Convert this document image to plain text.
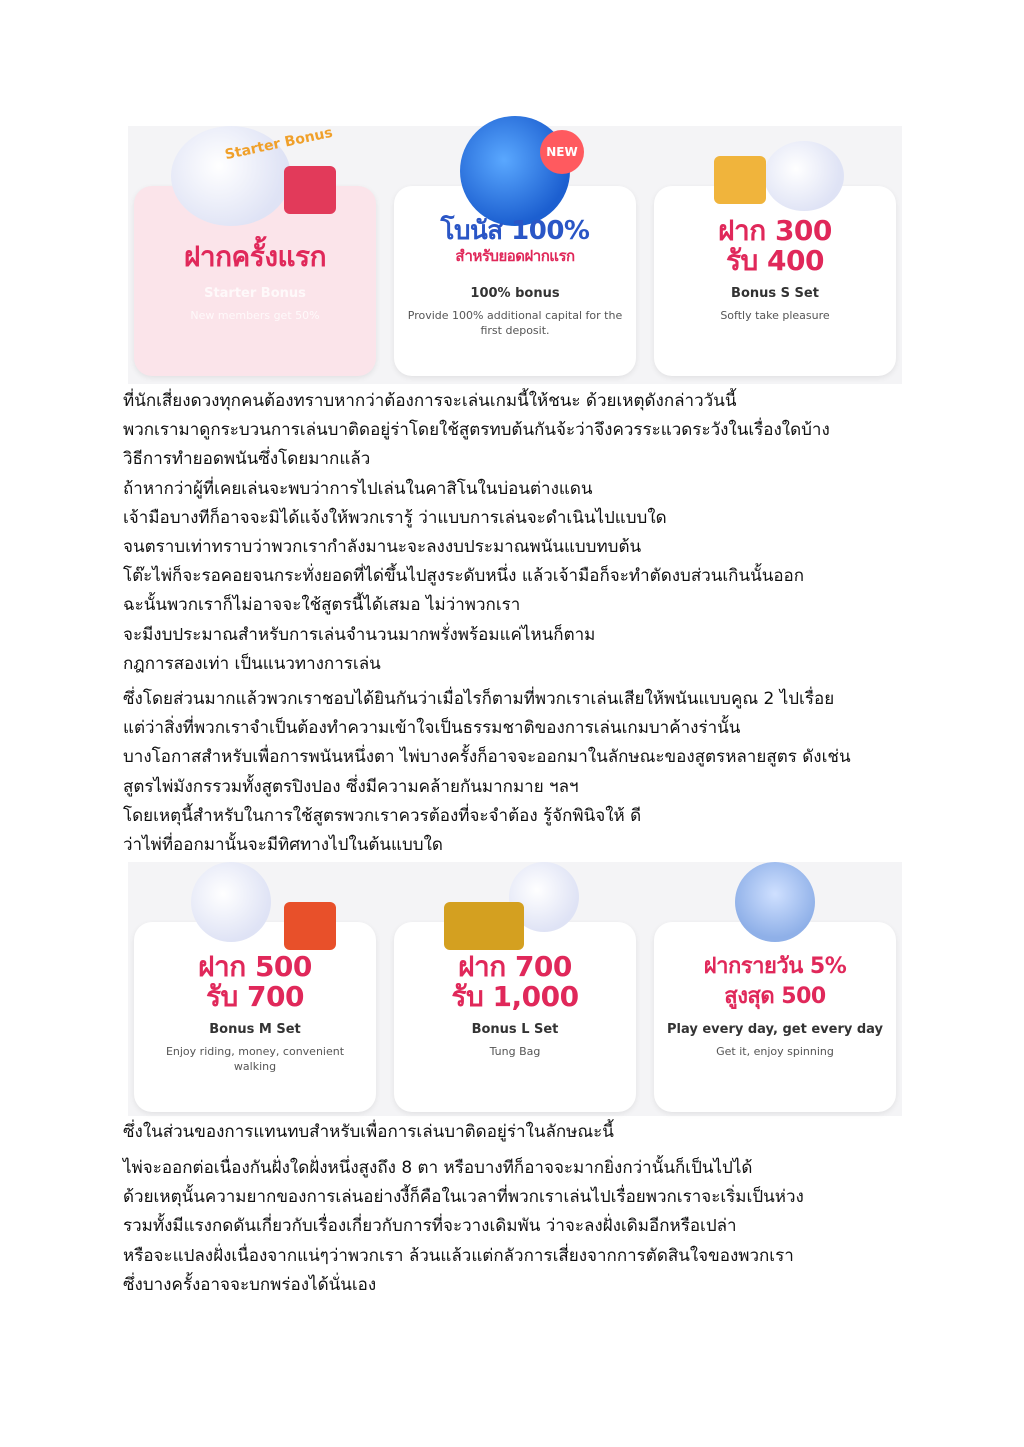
Starter Bonus
ฝากครั้งแรก
Starter Bonus
New members get 50%
NEW
โบนัส 100%
สำหรับยอดฝากแรก
100% bonus
Provide 100% additional capital for the first deposit.
ฝาก 300
รับ 400
Bonus S Set
Softly take pleasure
ที่นักเสี่ยงดวงทุกคนต้องทราบหากว่าต้องการจะเล่นเกมนี้ให้ชนะ ด้วยเหตุดังกล่าววันนี้
พวกเรามาดูกระบวนการเล่นบาติดอยู่ร่าโดยใช้สูตรทบต้นกันจ้ะว่าจึงควรระแวดระวังในเรื่องใดบ้าง
วิธีการทำยอดพนันซึ่งโดยมากแล้ว
ถ้าหากว่าผู้ที่เคยเล่นจะพบว่าการไปเล่นในคาสิโนในบ่อนต่างแดน
เจ้ามือบางทีก็อาจจะมิได้แจ้งให้พวกเรารู้ ว่าแบบการเล่นจะดำเนินไปแบบใด
จนตราบเท่าทราบว่าพวกเรากำลังมานะจะลงงบประมาณพนันแบบทบต้น
โต๊ะไพ่ก็จะรอคอยจนกระทั่งยอดที่ได่ขึ้นไปสูงระดับหนึ่ง แล้วเจ้ามือก็จะทำตัดงบส่วนเกินนั้นออก
ฉะนั้นพวกเราก็ไม่อาจจะใช้สูตรนี้ได้เสมอ ไม่ว่าพวกเรา
จะมีงบประมาณสำหรับการเล่นจำนวนมากพรั่งพร้อมแค่ไหนก็ตาม
กฎการสองเท่า เป็นแนวทางการเล่น
ซึ่งโดยส่วนมากแล้วพวกเราชอบได้ยินกันว่าเมื่อไรก็ตามที่พวกเราเล่นเสียให้พนันแบบคูณ 2 ไปเรื่อย
แต่ว่าสิ่งที่พวกเราจำเป็นต้องทำความเข้าใจเป็นธรรมชาติของการเล่นเกมบาค้างร่านั้น
บางโอกาสสำหรับเพื่อการพนันหนึ่งตา ไพ่บางครั้งก็อาจจะออกมาในลักษณะของสูตรหลายสูตร ดังเช่น
สูตรไพ่มังกรรวมทั้งสูตรปิงปอง ซึ่งมีความคล้ายกันมากมาย ฯลฯ
โดยเหตุนี้สำหรับในการใช้สูตรพวกเราควรต้องที่จะจำต้อง รู้จักพินิจให้ ดี
ว่าไพ่ที่ออกมานั้นจะมีทิศทางไปในต้นแบบใด
ฝาก 500
รับ 700
Bonus M Set
Enjoy riding, money, convenient walking
ฝาก 700
รับ 1,000
Bonus L Set
Tung Bag
ฝากรายวัน 5%
สูงสุด 500
Play every day, get every day
Get it, enjoy spinning
ซึ่งในส่วนของการแทนทบสำหรับเพื่อการเล่นบาติดอยู่ร่าในลักษณะนี้
ไพ่จะออกต่อเนื่องกันฝั่งใดฝั่งหนึ่งสูงถึง 8 ตา หรือบางทีก็อาจจะมากยิ่งกว่านั้นก็เป็นไปได้
ด้วยเหตุนั้นความยากของการเล่นอย่างงี้ก็คือในเวลาที่พวกเราเล่นไปเรื่อยพวกเราจะเริ่มเป็นห่วง
รวมทั้งมีแรงกดดันเกี่ยวกับเรื่องเกี่ยวกับการที่จะวางเดิมพัน ว่าจะลงฝั่งเดิมอีกหรือเปล่า
หรือจะแปลงฝั่งเนื่องจากแน่ๆว่าพวกเรา ล้วนแล้วแต่กลัวการเสี่ยงจากการตัดสินใจของพวกเรา
ซึ่งบางครั้งอาจจะบกพร่องได้นั่นเอง
